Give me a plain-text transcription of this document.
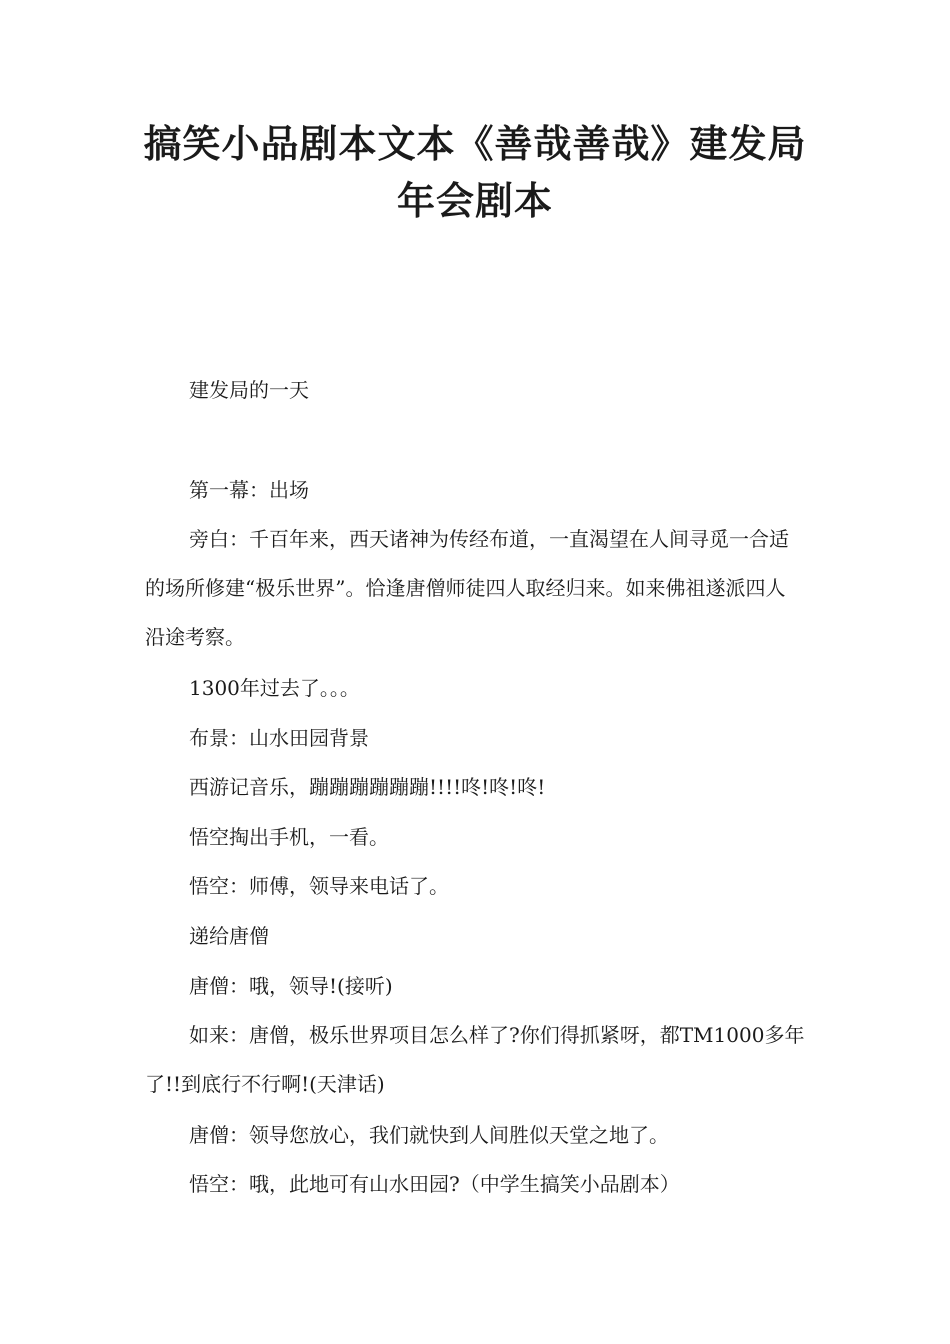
搞笑小品剧本文本《善哉善哉》建发局
年会剧本

建发局的一天

第一幕：出场

旁白：千百年来，西天诸神为传经布道，一直渴望在人间寻觅一合适的场所修建“极乐世界”。恰逢唐僧师徒四人取经归来。如来佛祖遂派四人沿途考察。

1300年过去了。。。

布景：山水田园背景

西游记音乐，蹦蹦蹦蹦蹦蹦!!!!咚!咚!咚!

悟空掏出手机，一看。

悟空：师傅，领导来电话了。

递给唐僧

唐僧：哦，领导!(接听)

如来：唐僧，极乐世界项目怎么样了?你们得抓紧呀，都TM1000多年了!!到底行不行啊!(天津话)

唐僧：领导您放心，我们就快到人间胜似天堂之地了。

悟空：哦，此地可有山水田园?（中学生搞笑小品剧本）
